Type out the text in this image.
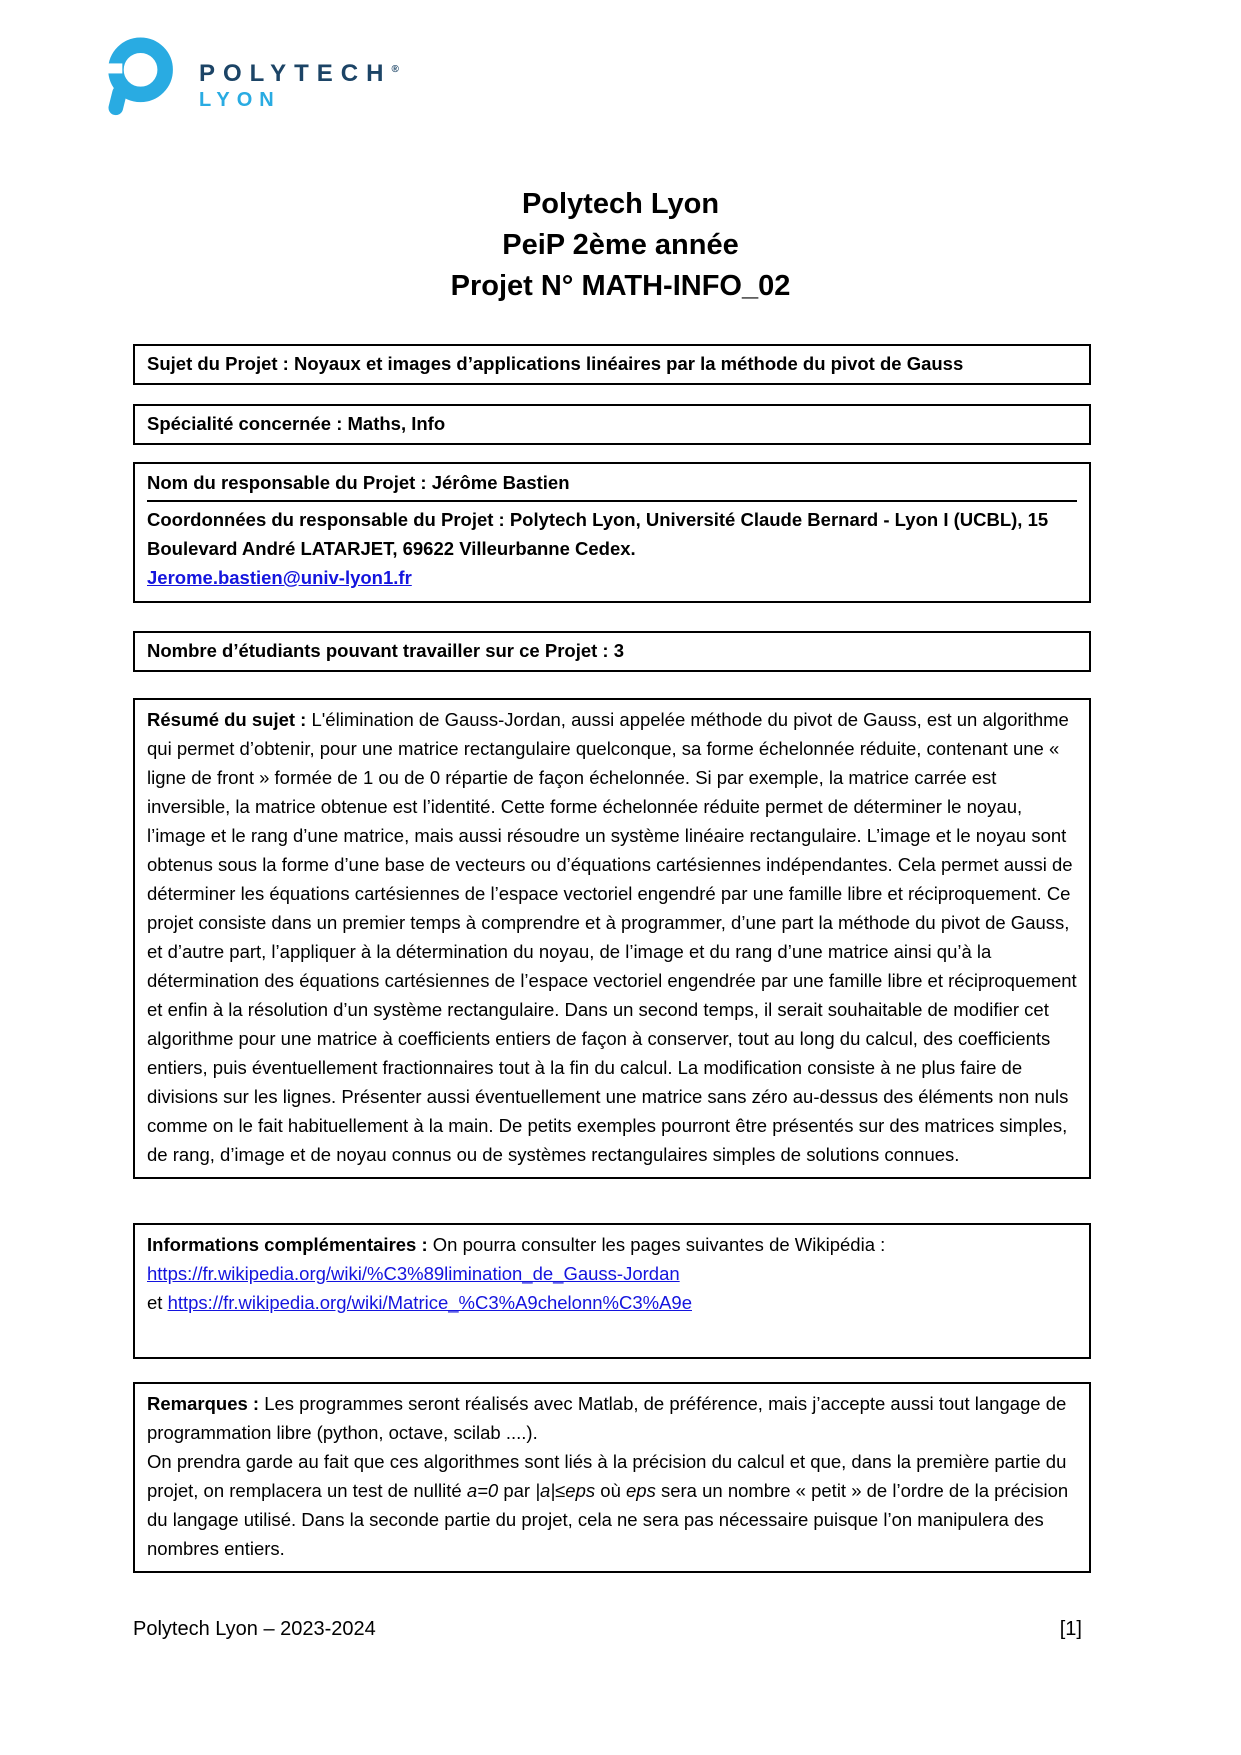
POLYTECH®
LYON
Polytech Lyon
PeiP 2ème année
Projet N° MATH-INFO_02
Sujet du Projet : Noyaux et images d’applications linéaires par la méthode du pivot de Gauss
Spécialité concernée : Maths, Info
Nom du responsable du Projet : Jérôme Bastien
Coordonnées du responsable du Projet : Polytech Lyon, Université Claude Bernard - Lyon I (UCBL), 15 Boulevard André LATARJET, 69622 Villeurbanne Cedex.
Jerome.bastien@univ-lyon1.fr
Nombre d’étudiants pouvant travailler sur ce Projet : 3
Résumé du sujet : L'élimination de Gauss-Jordan, aussi appelée méthode du pivot de Gauss, est un algorithme qui permet d’obtenir, pour une matrice rectangulaire quelconque, sa forme échelonnée réduite, contenant une « ligne de front » formée de 1 ou de 0 répartie de façon échelonnée. Si par exemple, la matrice carrée est inversible, la matrice obtenue est l’identité. Cette forme échelonnée réduite permet de déterminer le noyau, l’image et le rang d’une matrice, mais aussi résoudre un système linéaire rectangulaire. L’image et le noyau sont obtenus sous la forme d’une base de vecteurs ou d’équations cartésiennes indépendantes. Cela permet aussi de déterminer les équations cartésiennes de l’espace vectoriel engendré par une famille libre et réciproquement. Ce projet consiste dans un premier temps à comprendre et à programmer, d’une part la méthode du pivot de Gauss, et d’autre part, l’appliquer à la détermination du noyau, de l’image et du rang d’une matrice ainsi qu’à la détermination des équations cartésiennes de l’espace vectoriel engendrée par une famille libre et réciproquement et enfin à la résolution d’un système rectangulaire. Dans un second temps, il serait souhaitable de modifier cet algorithme pour une matrice à coefficients entiers de façon à conserver, tout au long du calcul, des coefficients entiers, puis éventuellement fractionnaires tout à la fin du calcul. La modification consiste à ne plus faire de divisions sur les lignes. Présenter aussi éventuellement une matrice sans zéro au-dessus des éléments non nuls comme on le fait habituellement à la main. De petits exemples pourront être présentés sur des matrices simples, de rang, d’image et de noyau connus ou de systèmes rectangulaires simples de solutions connues.
Informations complémentaires : On pourra consulter les pages suivantes de Wikipédia :
https://fr.wikipedia.org/wiki/%C3%89limination_de_Gauss-Jordan
et https://fr.wikipedia.org/wiki/Matrice_%C3%A9chelonn%C3%A9e
Remarques : Les programmes seront réalisés avec Matlab, de préférence, mais j’accepte aussi tout langage de programmation libre (python, octave, scilab ....).
On prendra garde au fait que ces algorithmes sont liés à la précision du calcul et que, dans la première partie du projet, on remplacera un test de nullité a=0 par |a|≤eps où eps sera un nombre « petit » de l’ordre de la précision du langage utilisé. Dans la seconde partie du projet, cela ne sera pas nécessaire puisque l’on manipulera des nombres entiers.
Polytech Lyon – 2023-2024	[1]
